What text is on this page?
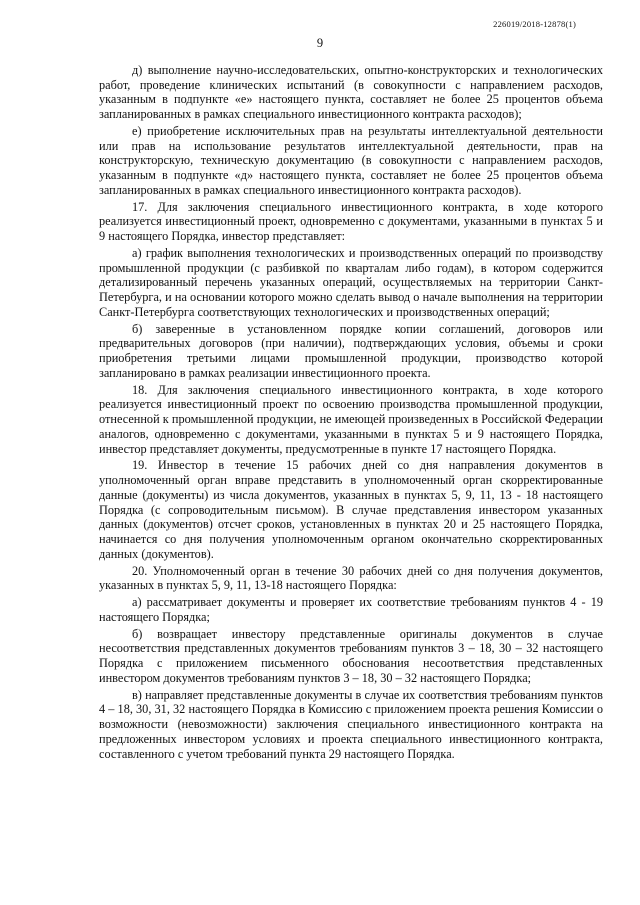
226019/2018-12878(1)
9

д) выполнение научно-исследовательских, опытно-конструкторских и технологических работ, проведение клинических испытаний (в совокупности с направлением расходов, указанным в подпункте «е» настоящего пункта, составляет не более 25 процентов объема запланированных в рамках специального инвестиционного контракта расходов);

е) приобретение исключительных прав на результаты интеллектуальной деятельности или прав на использование результатов интеллектуальной деятельности, прав на конструкторскую, техническую документацию (в совокупности с направлением расходов, указанным в подпункте «д» настоящего пункта, составляет не более 25 процентов объема запланированных в рамках специального инвестиционного контракта расходов).

17. Для заключения специального инвестиционного контракта, в ходе которого реализуется инвестиционный проект, одновременно с документами, указанными в пунктах 5 и 9 настоящего Порядка, инвестор представляет:

а) график выполнения технологических и производственных операций по производству промышленной продукции (с разбивкой по кварталам либо годам), в котором содержится детализированный перечень указанных операций, осуществляемых на территории Санкт-Петербурга, и на основании которого можно сделать вывод о начале выполнения на территории Санкт-Петербурга соответствующих технологических и производственных операций;

б) заверенные в установленном порядке копии соглашений, договоров или предварительных договоров (при наличии), подтверждающих условия, объемы и сроки приобретения третьими лицами промышленной продукции, производство которой запланировано в рамках реализации инвестиционного проекта.

18. Для заключения специального инвестиционного контракта, в ходе которого реализуется инвестиционный проект по освоению производства промышленной продукции, отнесенной к промышленной продукции, не имеющей произведенных в Российской Федерации аналогов, одновременно с документами, указанными в пунктах 5 и 9 настоящего Порядка, инвестор представляет документы, предусмотренные в пункте 17 настоящего Порядка.

19. Инвестор в течение 15 рабочих дней со дня направления документов в уполномоченный орган вправе представить в уполномоченный орган скорректированные данные (документы) из числа документов, указанных в пунктах 5, 9, 11, 13 - 18 настоящего Порядка (с сопроводительным письмом). В случае представления инвестором указанных данных (документов) отсчет сроков, установленных в пунктах 20 и 25 настоящего Порядка, начинается со дня получения уполномоченным органом окончательно скорректированных данных (документов).

20. Уполномоченный орган в течение 30 рабочих дней со дня получения документов, указанных в пунктах 5, 9, 11, 13-18 настоящего Порядка:

а) рассматривает документы и проверяет их соответствие требованиям пунктов 4 - 19 настоящего Порядка;

б) возвращает инвестору представленные оригиналы документов в случае несоответствия представленных документов требованиям пунктов 3 – 18, 30 – 32 настоящего Порядка с приложением письменного обоснования несоответствия представленных инвестором документов требованиям пунктов 3 – 18, 30 – 32 настоящего Порядка;

в) направляет представленные документы в случае их соответствия требованиям пунктов 4 – 18, 30, 31, 32 настоящего Порядка в Комиссию с приложением проекта решения Комиссии о возможности (невозможности) заключения специального инвестиционного контракта на предложенных инвестором условиях и проекта специального инвестиционного контракта, составленного с учетом требований пункта 29 настоящего Порядка.
